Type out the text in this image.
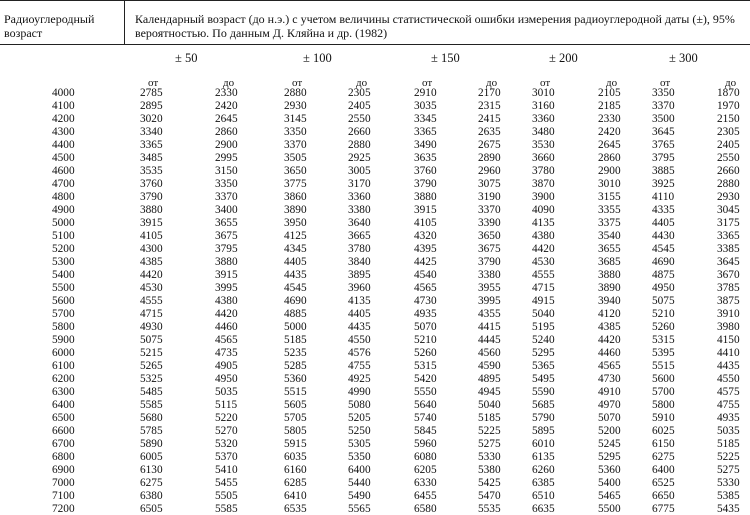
Радиоуглеродный возраст
Календарный возраст (до н.э.) с учетом величины статистической ошибки измерения радиоуглеродной даты (±), 95% вероятностью. По данным Д. Кляйна и др. (1982)
± 50
от	до
± 100
от	до
± 150
от	до
± 200
от	до
± 300
от	до
4000	2785	2330	2880	2305	2910	2170	3010	2105	3350	1870
4100	2895	2420	2930	2405	3035	2315	3160	2185	3370	1970
4200	3020	2645	3145	2550	3345	2415	3360	2330	3500	2150
4300	3340	2860	3350	2660	3365	2635	3480	2420	3645	2305
4400	3365	2900	3370	2880	3490	2675	3530	2645	3765	2405
4500	3485	2995	3505	2925	3635	2890	3660	2860	3795	2550
4600	3535	3150	3650	3005	3760	2960	3780	2900	3885	2660
4700	3760	3350	3775	3170	3790	3075	3870	3010	3925	2880
4800	3790	3370	3860	3360	3880	3190	3900	3155	4110	2930
4900	3880	3400	3890	3380	3915	3370	4090	3355	4335	3045
5000	3915	3655	3950	3640	4105	3390	4135	3375	4405	3175
5100	4105	3675	4125	3665	4320	3650	4380	3540	4430	3365
5200	4300	3795	4345	3780	4395	3675	4420	3655	4545	3385
5300	4385	3880	4405	3840	4425	3790	4530	3685	4690	3645
5400	4420	3915	4435	3895	4540	3380	4555	3880	4875	3670
5500	4530	3995	4545	3960	4565	3955	4715	3890	4950	3785
5600	4555	4380	4690	4135	4730	3995	4915	3940	5075	3875
5700	4715	4420	4885	4405	4935	4355	5040	4120	5210	3910
5800	4930	4460	5000	4435	5070	4415	5195	4385	5260	3980
5900	5075	4565	5185	4550	5210	4445	5240	4420	5315	4150
6000	5215	4735	5235	4576	5260	4560	5295	4460	5395	4410
6100	5265	4905	5285	4755	5315	4590	5365	4565	5515	4435
6200	5325	4950	5360	4925	5420	4895	5495	4730	5600	4550
6300	5485	5035	5515	4990	5550	4945	5590	4910	5700	4575
6400	5585	5115	5605	5080	5640	5040	5685	4970	5800	4755
6500	5680	5220	5705	5205	5740	5185	5790	5070	5910	4935
6600	5785	5270	5805	5250	5845	5225	5895	5200	6025	5035
6700	5890	5320	5915	5305	5960	5275	6010	5245	6150	5185
6800	6005	5370	6035	5350	6080	5330	6135	5295	6275	5225
6900	6130	5410	6160	6400	6205	5380	6260	5360	6400	5275
7000	6275	5455	6285	5440	6330	5425	6385	5400	6525	5330
7100	6380	5505	6410	5490	6455	5470	6510	5465	6650	5385
7200	6505	5585	6535	5565	6580	5535	6635	5500	6775	5435
